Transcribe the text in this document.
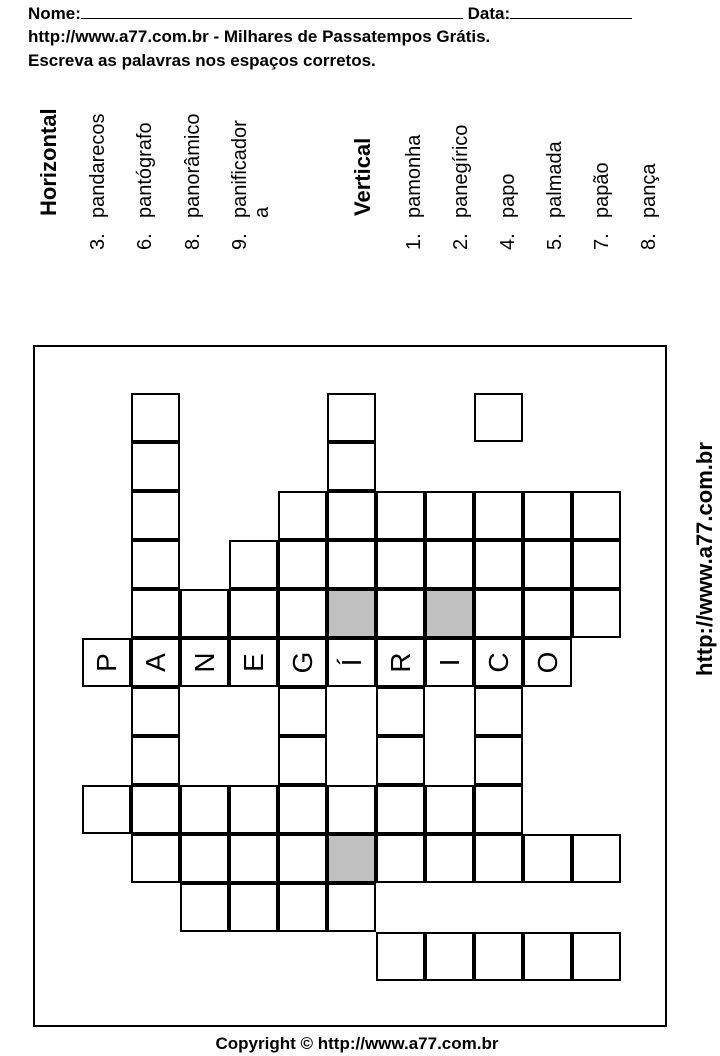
Nome:	Data:
http://www.a77.com.br - Milhares de Passatempos Grátis.
Escreva as palavras nos espaços corretos.
Horizontal
3.pandarecos
6.pantógrafo
8.panorâmico
9.panificador a	Vertical
1.pamonha
2.panegírico
4.papo
5.palmada
7.papão
8.pança
P A N E G Í R I C O	http://www.a77.com.br
Copyright © http://www.a77.com.br
